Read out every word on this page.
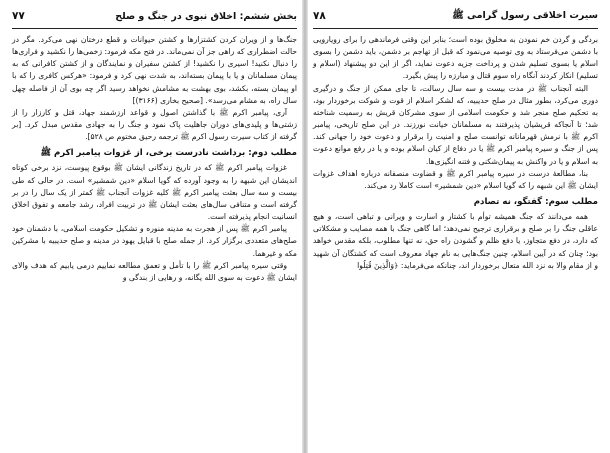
سیرت اخلاقی رسول گرامی ﷺ
۷۸

بردگی و گردن خم نمودن به مخلوق بوده است؛ بنابر این وقتی فرماندهی را برای رویارویی با دشمن می‌فرستاد به وی توصیه می‌نمود که قبل از تهاجم بر دشمن، باید دشمن را بسوی اسلام یا بسوی تسلیم شدن و پرداخت جزیه دعوت نماید، اگر از این دو پیشنهاد (اسلام و تسلیم) انکار کردند آنگاه راه سوم قتال و مبارزه را پیش بگیرد.

البته آنجناب ﷺ در مدت بیست و سه سال رسالت، تا جای ممکن از جنگ و درگیری دوری می‌کرد، بطور مثال در صلح حدیبیه، که لشکر اسلام از قوت و شوکت برخوردار بود، به تحکیم صلح منجر شد و حکومت اسلامی از سوی مشرکان قریش به رسمیت شناخته شد؛ تا آنجاکه قریشیان پذیرفتند به مسلمانان خیانت نورزند. در این صلح تاریخی، پیامبر اکرم ﷺ با نرمش قهرمانانه توانست صلح و امنیت را برقرار و دعوت خود را جهانی کند. پس از جنگ و سیره پیامبر اکرم ﷺ یا در دفاع از کیان اسلام بوده و یا در رفع موانع دعوت به اسلام و یا در واکنش به پیمان‌شکنی و فتنه انگیزی‌ها.

بنا، مطالعهٔ درست در سیره پیامبر اکرم ﷺ و قضاوت منصفانه درباره اهداف غزوات ایشان ﷺ این شبهه را که گویا اسلام «دین شمشیر» است کاملا رد می‌کند.

مطلب سوم: گفتگو، نه تصادم

همه می‌دانند که جنگ همیشه توأم با کشتار و اسارت و ویرانی و تباهی است، و هیچ عاقلی جنگ را بر صلح و برقراری ترجیح نمی‌دهد؛ اما گاهی جنگ با همه مصایب و مشکلاتی که دارد، در دفع متجاوز، یا دفع ظلم و گشودن راه حق، نه تنها مطلوب، بلکه مقدس خواهد بود؛ چنان که در آیین اسلام، چنین جنگ‌هایی به نام جهاد معروف است که کشتگان آن شهید و از مقام والا به نزد الله متعال برخوردار اند، چنانکه می‌فرماید: ﴿وَالَّذِينَ قُتِلُوا

بخش ششم: اخلاق نبوی در جنگ و صلح
۷۷

جنگ‌ها و از ویران کردن کشتزارها و کشتن حیوانات و قطع درختان نهی می‌کرد. مگر در حالت اضطراری که راهی جز آن نمی‌ماند. در فتح مکه فرمود: زخمی‌ها را نکشید و فراری‌ها را دنبال نکنید! اسیری را نکشید! از کشتن سفیران و نمایندگان و از کشتن کافرانی که به پیمان مسلمانان و یا با پیمان بسته‌اند، به شدت نهی کرد و فرمود: «هرکس کافری را که با او پیمان بسته، بکشد، بوی بهشت به مشامش نخواهد رسید اگر چه بوی آن از فاصله چهل سال راه، به مشام می‌رسد». [صحیح بخاری (۳۱۶۶)]

آری، پیامبر اکرم ﷺ با گذاشتن اصول و قواعد ارزشمند جهاد، قتل و کارزار را از زشتی‌ها و پلیدی‌های دوران جاهلیت پاک نمود و جنگ را به جهادی مقدس مبدل کرد. [بر گرفته از کتاب سیرت رسول اکرم ﷺ ترجمه رحیق مختوم ص ۵۲۸].

مطلب دوم: برداشت نادرست برخی، از غزوات پیامبر اکرم ﷺ

غزوات پیامبر اکرم ﷺ که در تاریخ زندگانی ایشان ﷺ بوقوع پیوست، نزد برخی کوتاه اندیشان این شبهه را به وجود آورده که گویا اسلام «دین شمشیر» است. در حالی که طی بیست و سه سال بعثت پیامبر اکرم ﷺ کلیه غزوات آنجناب ﷺ کمتر از یک سال را در بر گرفته است و متنافی سال‌های بعثت ایشان ﷺ در تربیت افراد، رشد جامعه و تفوق اخلاق انسانیت انجام پذیرفته است.

پیامبر اکرم ﷺ پس از هجرت به مدینه منوره و تشکیل حکومت اسلامی، با دشمنان خود صلح‌های متعددی برگزار کرد. از جمله صلح با قبایل یهود در مدینه و صلح حدیبیه با مشرکین مکه و غیرهما.

وقتی سیره پیامبر اکرم ﷺ را با تأمل و تعمق مطالعه نماییم درمی یابیم که هدف والای ایشان ﷺ دعوت به سوی الله یگانه، و رهایی از بندگی و
